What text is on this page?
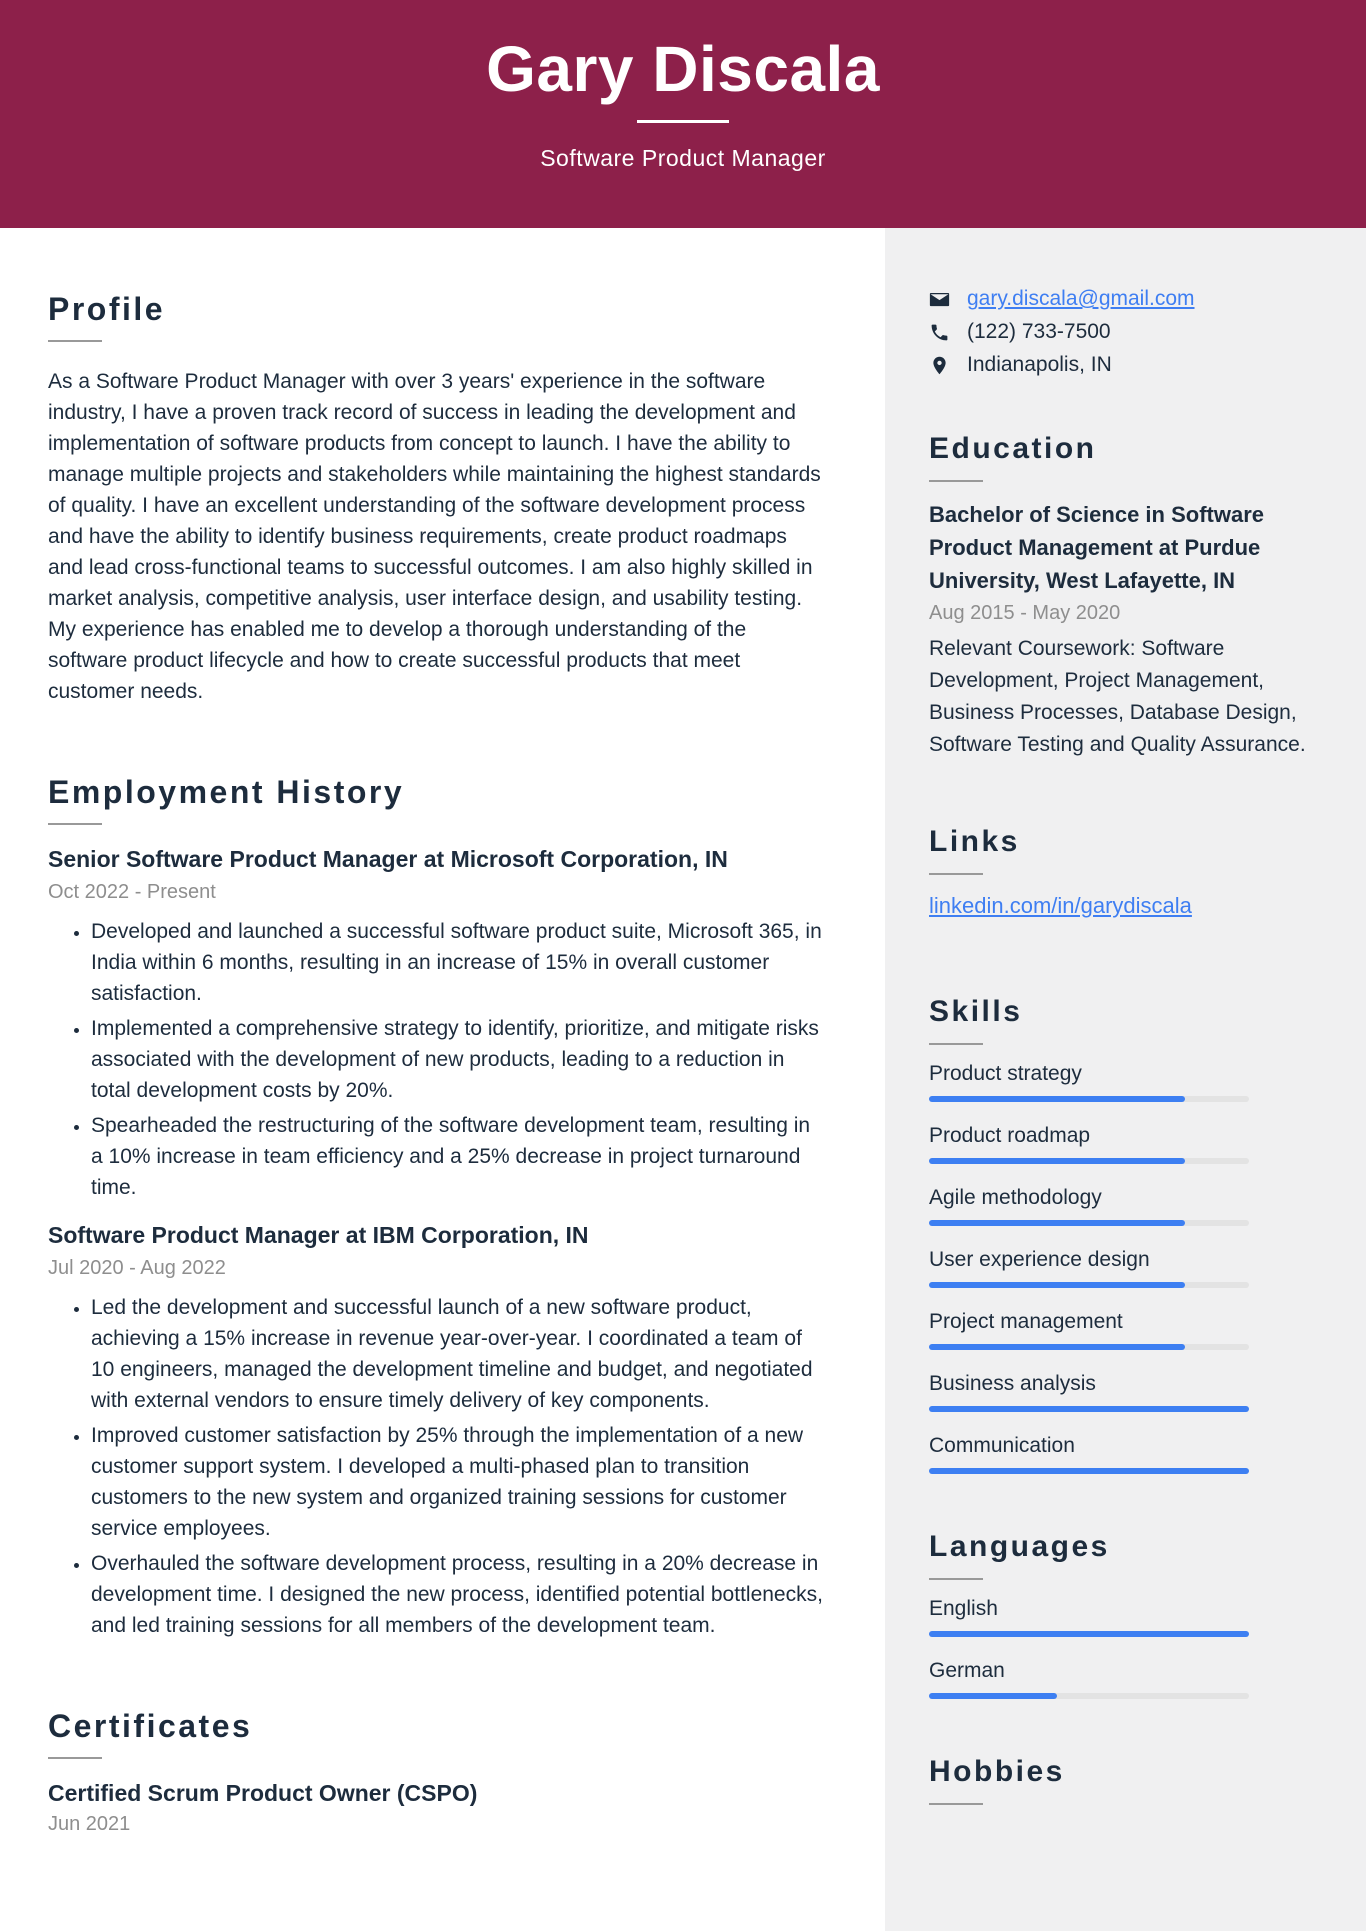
Gary Discala
Software Product Manager
Profile

As a Software Product Manager with over 3 years' experience in the software industry, I have a proven track record of success in leading the development and implementation of software products from concept to launch. I have the ability to manage multiple projects and stakeholders while maintaining the highest standards of quality. I have an excellent understanding of the software development process and have the ability to identify business requirements, create product roadmaps and lead cross-functional teams to successful outcomes. I am also highly skilled in market analysis, competitive analysis, user interface design, and usability testing. My experience has enabled me to develop a thorough understanding of the software product lifecycle and how to create successful products that meet customer needs.

Employment History
Senior Software Product Manager at Microsoft Corporation, IN
Oct 2022 - Present
• Developed and launched a successful software product suite, Microsoft 365, in India within 6 months, resulting in an increase of 15% in overall customer satisfaction.
• Implemented a comprehensive strategy to identify, prioritize, and mitigate risks associated with the development of new products, leading to a reduction in total development costs by 20%.
• Spearheaded the restructuring of the software development team, resulting in a 10% increase in team efficiency and a 25% decrease in project turnaround time.
Software Product Manager at IBM Corporation, IN
Jul 2020 - Aug 2022
• Led the development and successful launch of a new software product, achieving a 15% increase in revenue year-over-year. I coordinated a team of 10 engineers, managed the development timeline and budget, and negotiated with external vendors to ensure timely delivery of key components.
• Improved customer satisfaction by 25% through the implementation of a new customer support system. I developed a multi-phased plan to transition customers to the new system and organized training sessions for customer service employees.
• Overhauled the software development process, resulting in a 20% decrease in development time. I designed the new process, identified potential bottlenecks, and led training sessions for all members of the development team.
Certificates
Certified Scrum Product Owner (CSPO)
Jun 2021
gary.discala@gmail.com
(122) 733-7500
Indianapolis, IN
Education
Bachelor of Science in Software Product Management at Purdue University, West Lafayette, IN
Aug 2015 - May 2020
Relevant Coursework: Software Development, Project Management, Business Processes, Database Design, Software Testing and Quality Assurance.
Links
linkedin.com/in/garydiscala
Skills
Product strategy
Product roadmap
Agile methodology
User experience design
Project management
Business analysis
Communication
Languages
English
German
Hobbies
